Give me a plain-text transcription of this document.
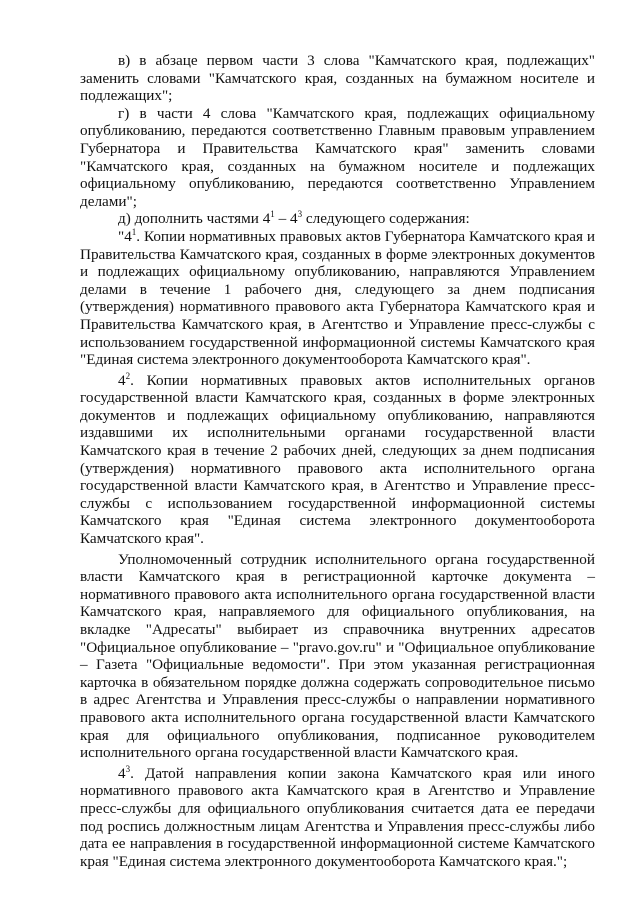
в) в абзаце первом части 3 слова "Камчатского края, подлежащих" заменить словами "Камчатского края, созданных на бумажном носителе и подлежащих";

г) в части 4 слова "Камчатского края, подлежащих официальному опубликованию, передаются соответственно Главным правовым управлением Губернатора и Правительства Камчатского края" заменить словами "Камчатского края, созданных на бумажном носителе и подлежащих официальному опубликованию, передаются соответственно Управлением делами";

д) дополнить частями $4^1 - 4^3$ следующего содержания:

"$4^1$. Копии нормативных правовых актов Губернатора Камчатского края и Правительства Камчатского края, созданных в форме электронных документов и подлежащих официальному опубликованию, направляются Управлением делами в течение 1 рабочего дня, следующего за днем подписания (утверждения) нормативного правового акта Губернатора Камчатского края и Правительства Камчатского края, в Агентство и Управление пресс-службы с использованием государственной информационной системы Камчатского края "Единая система электронного документооборота Камчатского края".

$4^2$. Копии нормативных правовых актов исполнительных органов государственной власти Камчатского края, созданных в форме электронных документов и подлежащих официальному опубликованию, направляются издавшими их исполнительными органами государственной власти Камчатского края в течение 2 рабочих дней, следующих за днем подписания (утверждения) нормативного правового акта исполнительного органа государственной власти Камчатского края, в Агентство и Управление пресс-службы с использованием государственной информационной системы Камчатского края "Единая система электронного документооборота Камчатского края".

Уполномоченный сотрудник исполнительного органа государственной власти Камчатского края в регистрационной карточке документа – нормативного правового акта исполнительного органа государственной власти Камчатского края, направляемого для официального опубликования, на вкладке "Адресаты" выбирает из справочника внутренних адресатов "Официальное опубликование – "pravo.gov.ru" и "Официальное опубликование – Газета "Официальные ведомости". При этом указанная регистрационная карточка в обязательном порядке должна содержать сопроводительное письмо в адрес Агентства и Управления пресс-службы о направлении нормативного правового акта исполнительного органа государственной власти Камчатского края для официального опубликования, подписанное руководителем исполнительного органа государственной власти Камчатского края.

$4^3$. Датой направления копии закона Камчатского края или иного нормативного правового акта Камчатского края в Агентство и Управление пресс-службы для официального опубликования считается дата ее передачи под роспись должностным лицам Агентства и Управления пресс-службы либо дата ее направления в государственной информационной системе Камчатского края "Единая система электронного документооборота Камчатского края.";
